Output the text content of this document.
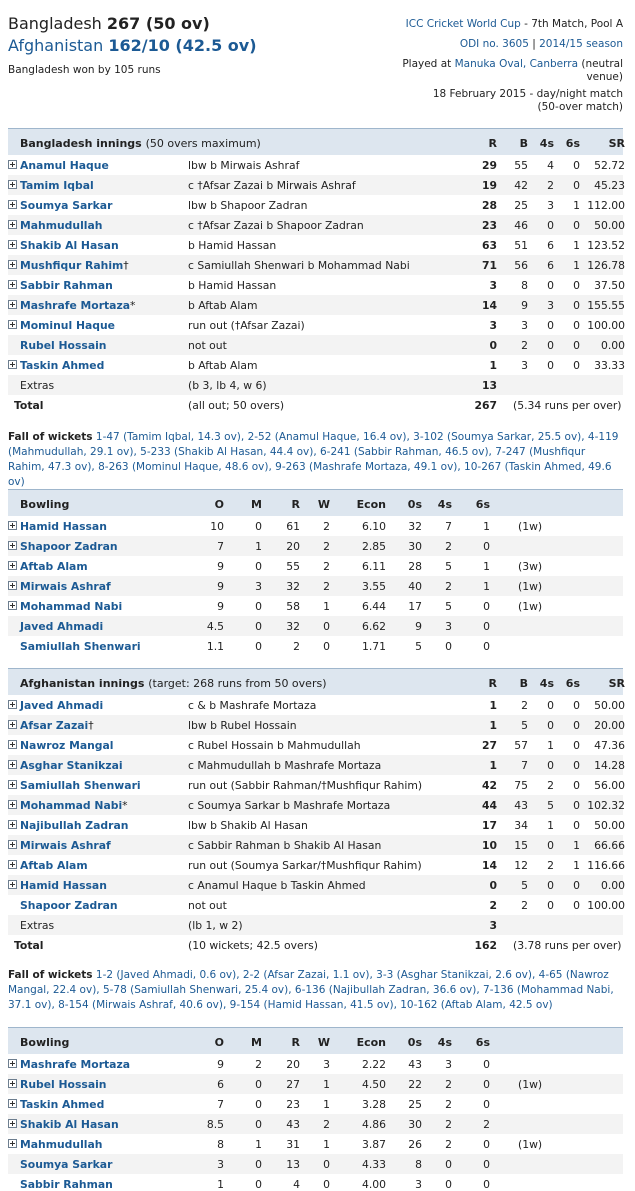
Bangladesh 267 (50 ov)
Afghanistan 162/10 (42.5 ov)
Bangladesh won by 105 runs
ICC Cricket World Cup - 7th Match, Pool A
ODI no. 3605 | 2014/15 season
Played at Manuka Oval, Canberra (neutral venue)
18 February 2015 - day/night match
(50-over match)
Bangladesh innings (50 overs maximum)	R	B 4s 6s	SR
Anamul Haque	lbw b Mirwais Ashraf	29	55	4	0	52.72
Tamim Iqbal	c †Afsar Zazai b Mirwais Ashraf	19	42	2	0	45.23
Soumya Sarkar	lbw b Shapoor Zadran	28	25	3	1 112.00
Mahmudullah	c †Afsar Zazai b Shapoor Zadran	23	46	0	0	50.00
Shakib Al Hasan	b Hamid Hassan	63	51	6	1 123.52
Mushfiqur Rahim†	c Samiullah Shenwari b Mohammad Nabi	71	56	6	1 126.78
Sabbir Rahman	b Hamid Hassan	3	8	0	0	37.50
Mashrafe Mortaza*	b Aftab Alam	14	9	3	0 155.55
Mominul Haque	run out (†Afsar Zazai)	3	3	0	0 100.00
Rubel Hossain	not out	0	2	0	0	0.00
Taskin Ahmed	b Aftab Alam	1	3	0	0	33.33
Extras	(b 3, lb 4, w 6)	13
Total	(all out; 50 overs)	267 (5.34 runs per over)
Fall of wickets 1-47 (Tamim Iqbal, 14.3 ov), 2-52 (Anamul Haque, 16.4 ov), 3-102 (Soumya Sarkar, 25.5 ov), 4-119 (Mahmudullah, 29.1 ov), 5-233 (Shakib Al Hasan, 44.4 ov), 6-241 (Sabbir Rahman, 46.5 ov), 7-247 (Mushfiqur Rahim, 47.3 ov), 8-263 (Mominul Haque, 48.6 ov), 9-263 (Mashrafe Mortaza, 49.1 ov), 10-267 (Taskin Ahmed, 49.6 ov)
Bowling	O	M	R	W	Econ	0s	4s	6s
Hamid Hassan	10	0	61	2	6.10	32	7	1	(1w)
Shapoor Zadran	7	1	20	2	2.85	30	2	0
Aftab Alam	9	0	55	2	6.11	28	5	1	(3w)
Mirwais Ashraf	9	3	32	2	3.55	40	2	1	(1w)
Mohammad Nabi	9	0	58	1	6.44	17	5	0	(1w)
Javed Ahmadi	4.5	0	32	0	6.62	9	3	0
Samiullah Shenwari	1.1	0	2	0	1.71	5	0	0
Afghanistan innings (target: 268 runs from 50 overs)	R	B 4s 6s	SR
Javed Ahmadi	c & b Mashrafe Mortaza	1	2	0	0	50.00
Afsar Zazai†	lbw b Rubel Hossain	1	5	0	0	20.00
Nawroz Mangal	c Rubel Hossain b Mahmudullah	27	57	1	0	47.36
Asghar Stanikzai	c Mahmudullah b Mashrafe Mortaza	1	7	0	0	14.28
Samiullah Shenwari	run out (Sabbir Rahman/†Mushfiqur Rahim)	42	75	2	0	56.00
Mohammad Nabi*	c Soumya Sarkar b Mashrafe Mortaza	44	43	5	0 102.32
Najibullah Zadran	lbw b Shakib Al Hasan	17	34	1	0	50.00
Mirwais Ashraf	c Sabbir Rahman b Shakib Al Hasan	10	15	0	1	66.66
Aftab Alam	run out (Soumya Sarkar/†Mushfiqur Rahim)	14	12	2	1 116.66
Hamid Hassan	c Anamul Haque b Taskin Ahmed	0	5	0	0	0.00
Shapoor Zadran	not out	2	2	0	0 100.00
Extras	(lb 1, w 2)	3
Total	(10 wickets; 42.5 overs)	162 (3.78 runs per over)
Fall of wickets 1-2 (Javed Ahmadi, 0.6 ov), 2-2 (Afsar Zazai, 1.1 ov), 3-3 (Asghar Stanikzai, 2.6 ov), 4-65 (Nawroz Mangal, 22.4 ov), 5-78 (Samiullah Shenwari, 25.4 ov), 6-136 (Najibullah Zadran, 36.6 ov), 7-136 (Mohammad Nabi, 37.1 ov), 8-154 (Mirwais Ashraf, 40.6 ov), 9-154 (Hamid Hassan, 41.5 ov), 10-162 (Aftab Alam, 42.5 ov)
Bowling	O	M	R	W	Econ	0s	4s	6s
Mashrafe Mortaza	9	2	20	3	2.22	43	3	0
Rubel Hossain	6	0	27	1	4.50	22	2	0	(1w)
Taskin Ahmed	7	0	23	1	3.28	25	2	0
Shakib Al Hasan	8.5	0	43	2	4.86	30	2	2
Mahmudullah	8	1	31	1	3.87	26	2	0	(1w)
Soumya Sarkar	3	0	13	0	4.33	8	0	0
Sabbir Rahman	1	0	4	0	4.00	3	0	0
